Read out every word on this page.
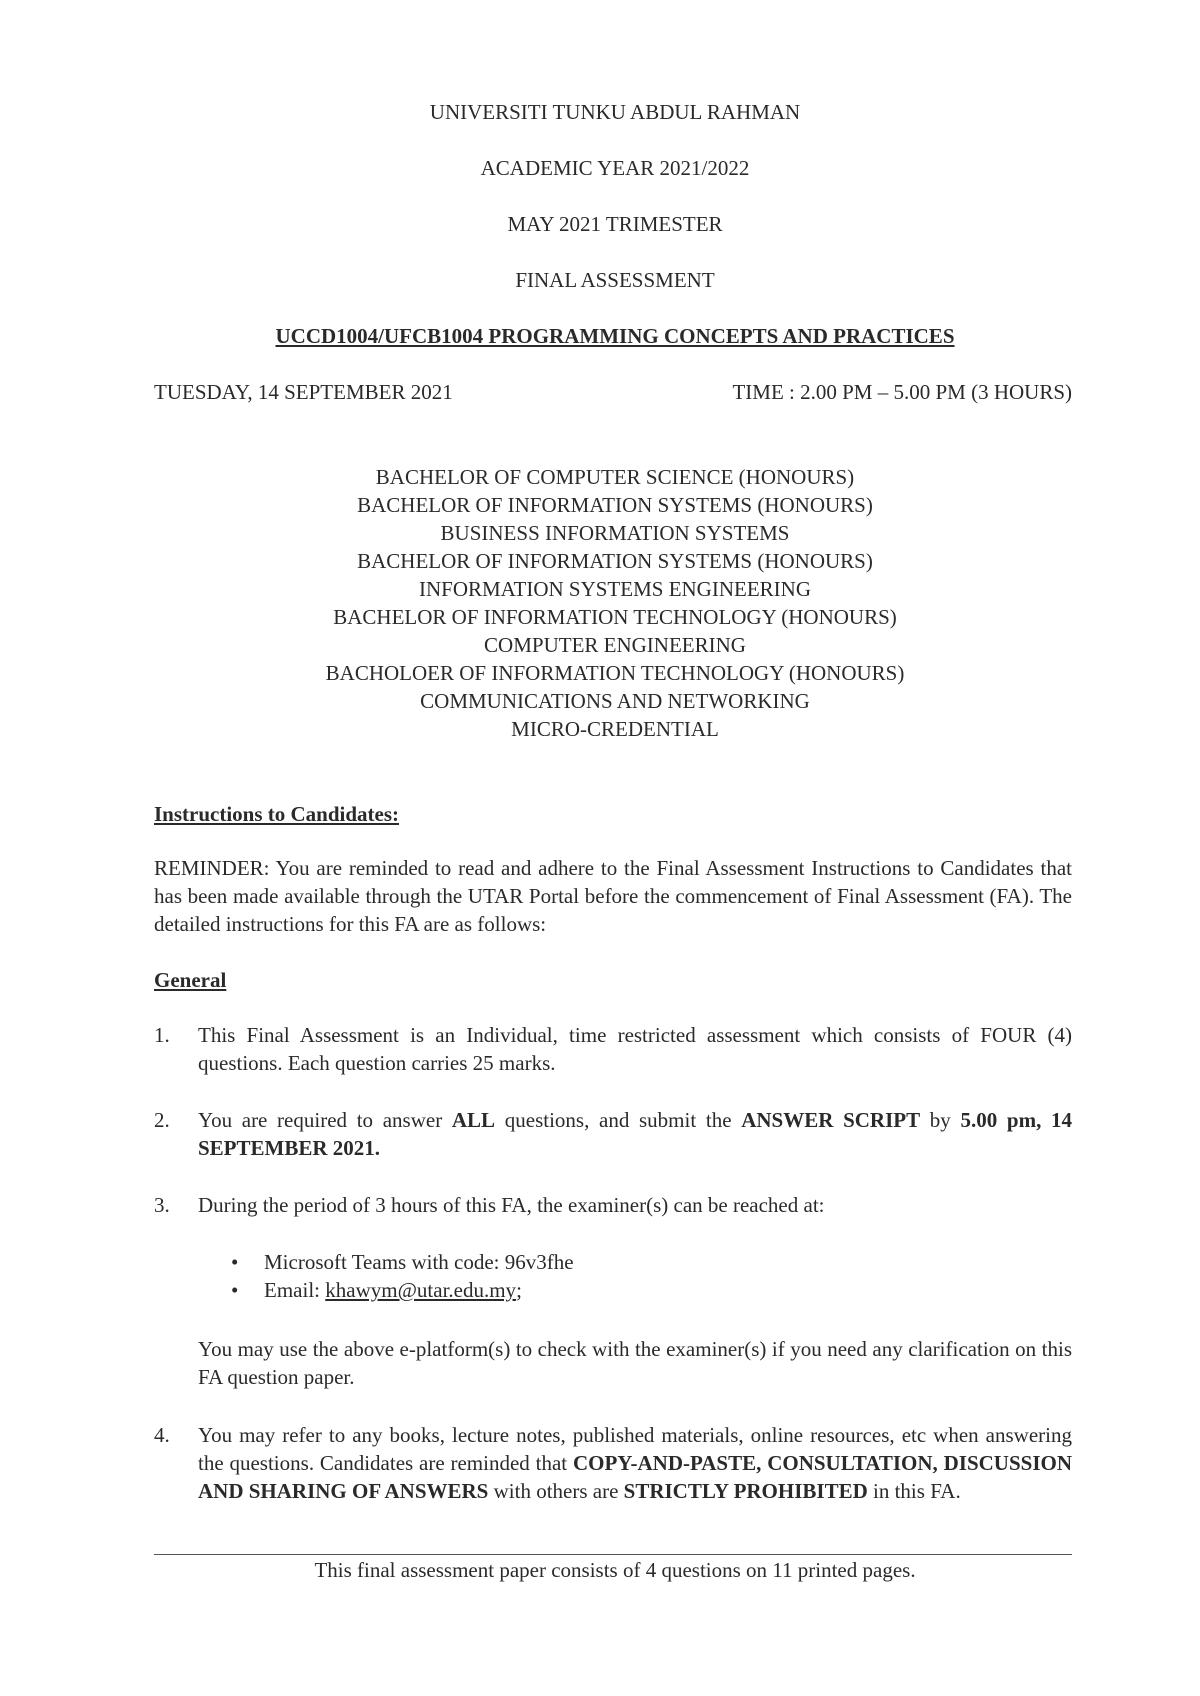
UNIVERSITI TUNKU ABDUL RAHMAN
ACADEMIC YEAR 2021/2022
MAY 2021 TRIMESTER
FINAL ASSESSMENT
UCCD1004/UFCB1004 PROGRAMMING CONCEPTS AND PRACTICES
TUESDAY, 14 SEPTEMBER 2021	TIME : 2.00 PM – 5.00 PM (3 HOURS)
BACHELOR OF COMPUTER SCIENCE (HONOURS)
BACHELOR OF INFORMATION SYSTEMS (HONOURS)
BUSINESS INFORMATION SYSTEMS
BACHELOR OF INFORMATION SYSTEMS (HONOURS)
INFORMATION SYSTEMS ENGINEERING
BACHELOR OF INFORMATION TECHNOLOGY (HONOURS)
COMPUTER ENGINEERING
BACHOLOER OF INFORMATION TECHNOLOGY (HONOURS)
COMMUNICATIONS AND NETWORKING
MICRO-CREDENTIAL
Instructions to Candidates:
REMINDER: You are reminded to read and adhere to the Final Assessment Instructions to Candidates that has been made available through the UTAR Portal before the commencement of Final Assessment (FA). The detailed instructions for this FA are as follows:
General
1.	This Final Assessment is an Individual, time restricted assessment which consists of FOUR (4) questions. Each question carries 25 marks.
2.	You are required to answer ALL questions, and submit the ANSWER SCRIPT by 5.00 pm, 14 SEPTEMBER 2021.
3.	During the period of 3 hours of this FA, the examiner(s) can be reached at:
• Microsoft Teams with code: 96v3fhe
• Email: khawym@utar.edu.my;
You may use the above e-platform(s) to check with the examiner(s) if you need any clarification on this FA question paper.
4.	You may refer to any books, lecture notes, published materials, online resources, etc when answering the questions. Candidates are reminded that COPY-AND-PASTE, CONSULTATION, DISCUSSION AND SHARING OF ANSWERS with others are STRICTLY PROHIBITED in this FA.
This final assessment paper consists of 4 questions on 11 printed pages.
